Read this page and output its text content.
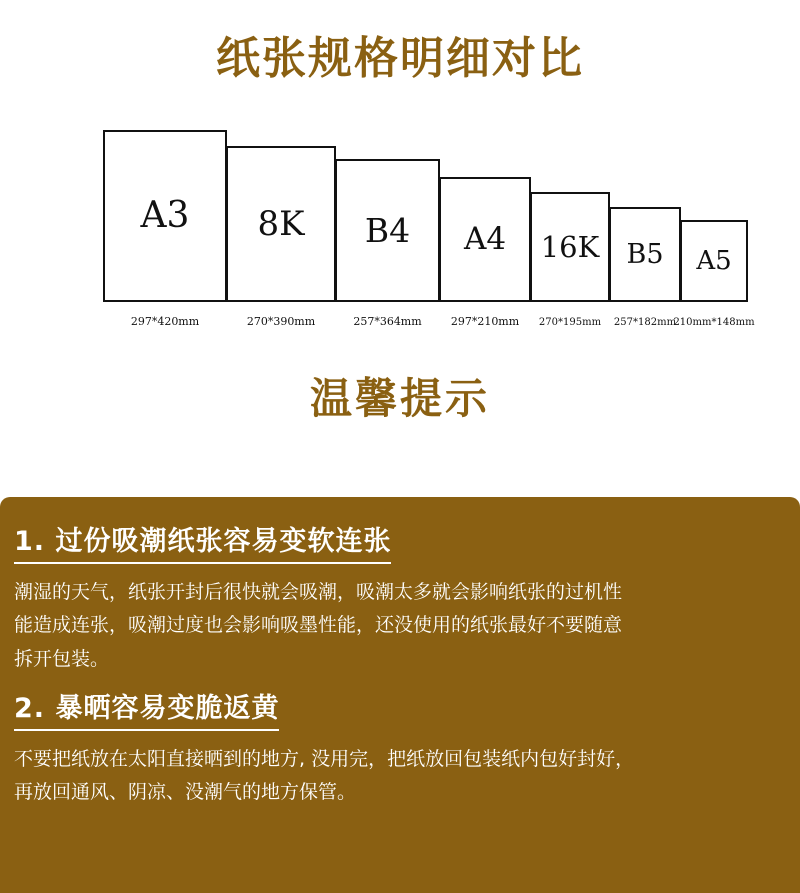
纸张规格明细对比
A3
297*420mm
8K
270*390mm
B4
257*364mm
A4
297*210mm
16K
270*195mm
B5
257*182mm
A5
210mm*148mm
温馨提示
1. 过份吸潮纸张容易变软连张

潮湿的天气，纸张开封后很快就会吸潮，吸潮太多就会影响纸张的过机性

能造成连张，吸潮过度也会影响吸墨性能，还没使用的纸张最好不要随意

拆开包装。

2. 暴晒容易变脆返黄

不要把纸放在太阳直接晒到的地方, 没用完，把纸放回包装纸内包好封好，

再放回通风、阴凉、没潮气的地方保管。
